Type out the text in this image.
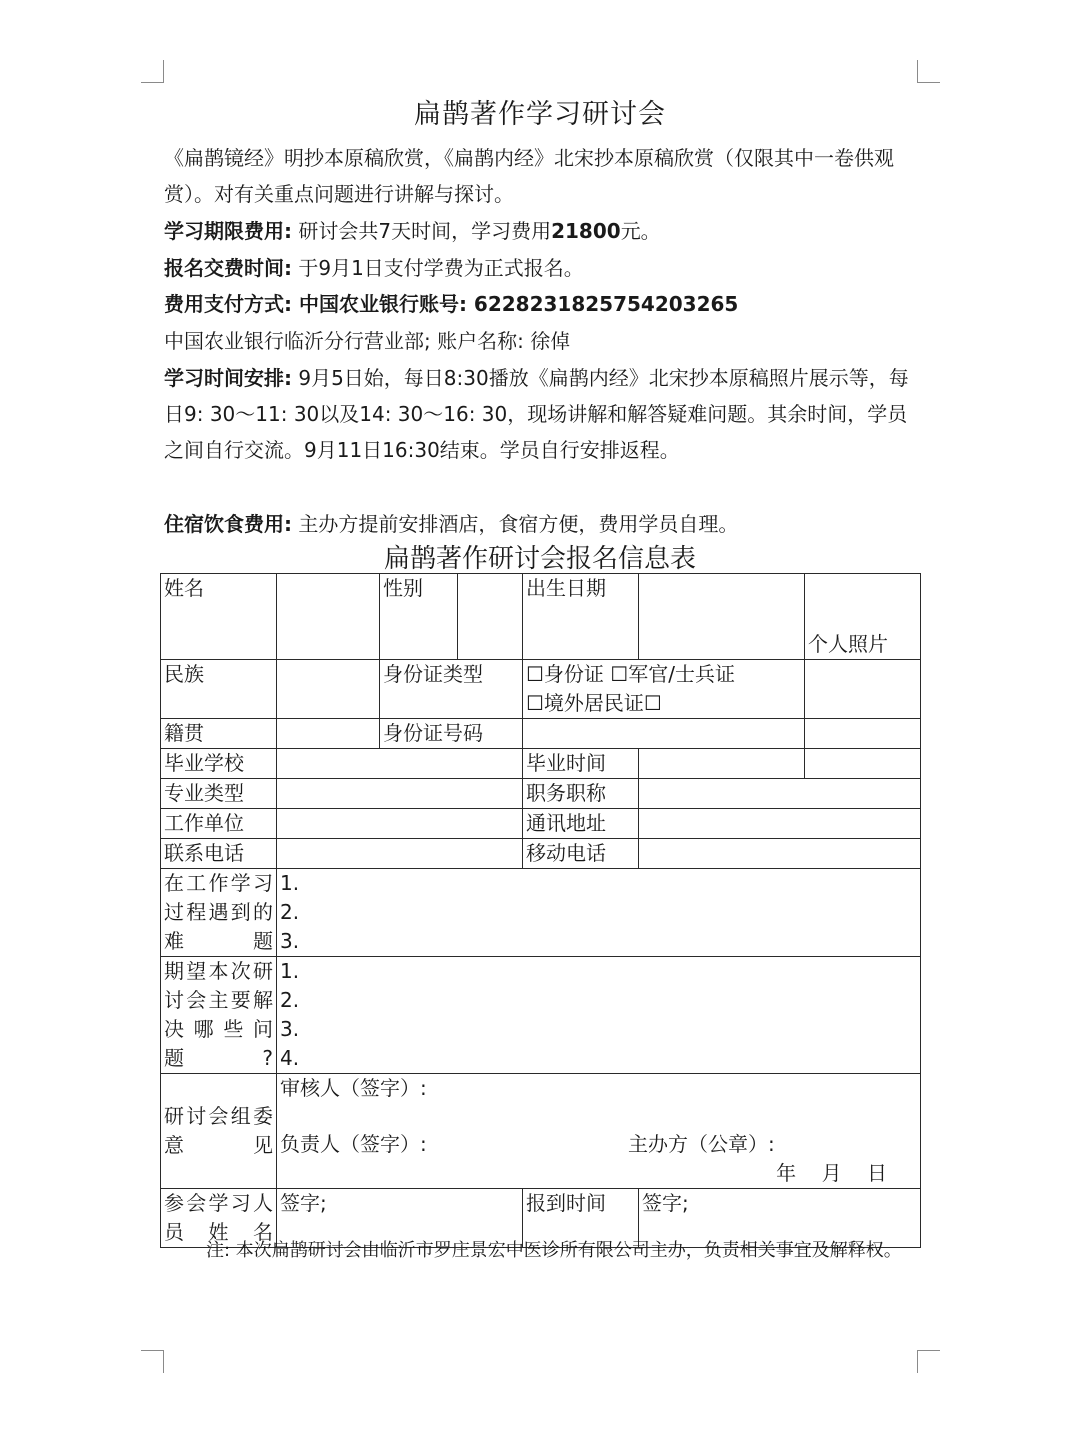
扁鹊著作学习研讨会
《扁鹊镜经》明抄本原稿欣赏，《扁鹊内经》北宋抄本原稿欣赏（仅限其中一卷供观赏）。对有关重点问题进行讲解与探讨。
学习期限费用: 研讨会共7天时间，学习费用21800元。
报名交费时间: 于9月1日支付学费为正式报名。
费用支付方式: 中国农业银行账号: 6228231825754203265
中国农业银行临沂分行营业部; 账户名称: 徐倬
学习时间安排: 9月5日始，每日8:30播放《扁鹊内经》北宋抄本原稿照片展示等，每日9: 30～11: 30以及14: 30～16: 30，现场讲解和解答疑难问题。其余时间，学员之间自行交流。9月11日16:30结束。学员自行安排返程。
住宿饮食费用: 主办方提前安排酒店，食宿方便，费用学员自理。
扁鹊著作研讨会报名信息表
姓名		性别		出生日期		个人照片
民族		身份证类型		☐身份证 ☐军官/士兵证
☐境外居民证☐		

籍贯		身份证号码				
毕业学校				毕业时间		
专业类型				职务职称		
工作单位				通讯地址		
联系电话				移动电话		
在工作学习过程遇到的难题	1.
2.
3.					

期望本次研讨会主要解决哪些问题?	1.
2.
3.
4.					

研讨会组委意见	审核人（签字）:
负责人（签字）: 主办方（公章）:
年    月    日					

参会学习人员姓名	签字;			报到时间	签字;	
注: 本次扁鹊研讨会由临沂市罗庄景宏中医诊所有限公司主办，负责相关事宜及解释权。
